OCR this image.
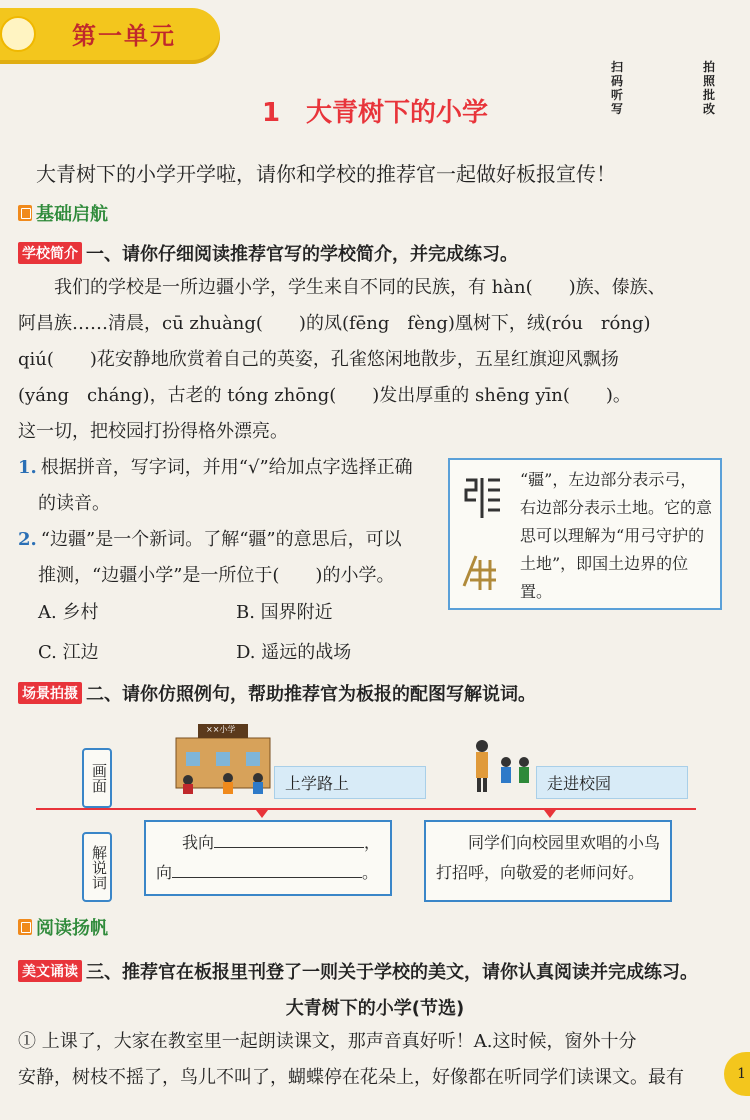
第一单元
扫码听写
拍照批改
1　大青树下的小学
大青树下的小学开学啦，请你和学校的推荐官一起做好板报宣传！
基础启航
学校简介 一、请你仔细阅读推荐官写的学校简介，并完成练习。
我们的学校是一所边疆小学，学生来自不同的民族，有 hàn(　　)族、傣族、
阿昌族……清晨，cū zhuàng(　　)的凤(fēng　fèng)凰树下，绒(róu　róng)
qiú(　　)花安静地欣赏着自己的英姿，孔雀悠闲地散步，五星红旗迎风飘扬
(yáng　cháng)，古老的 tóng zhōng(　　)发出厚重的 shēng yīn(　　)。
这一切，把校园打扮得格外漂亮。
1. 根据拼音，写字词，并用“√”给加点字选择正确
的读音。
2. “边疆”是一个新词。了解“疆”的意思后，可以
推测，“边疆小学”是一所位于(　　)的小学。
A. 乡村	B. 国界附近
C. 江边	D. 遥远的战场
“疆”，左边部分表示弓，右边部分表示土地。它的意思可以理解为“用弓守护的土地”，即国土边界的位置。
场景拍摄 二、请你仿照例句，帮助推荐官为板报的配图写解说词。
画面
××小学
上学路上	走进校园
解说词
我向	，
向	。
同学们向校园里欢唱的小鸟打招呼，向敬爱的老师问好。
阅读扬帆
美文诵读 三、推荐官在板报里刊登了一则关于学校的美文，请你认真阅读并完成练习。
大青树下的小学(节选)
① 上课了，大家在教室里一起朗读课文，那声音真好听！A.这时候，窗外十分
安静，树枝不摇了，鸟儿不叫了，蝴蝶停在花朵上，好像都在听同学们读课文。最有	1
